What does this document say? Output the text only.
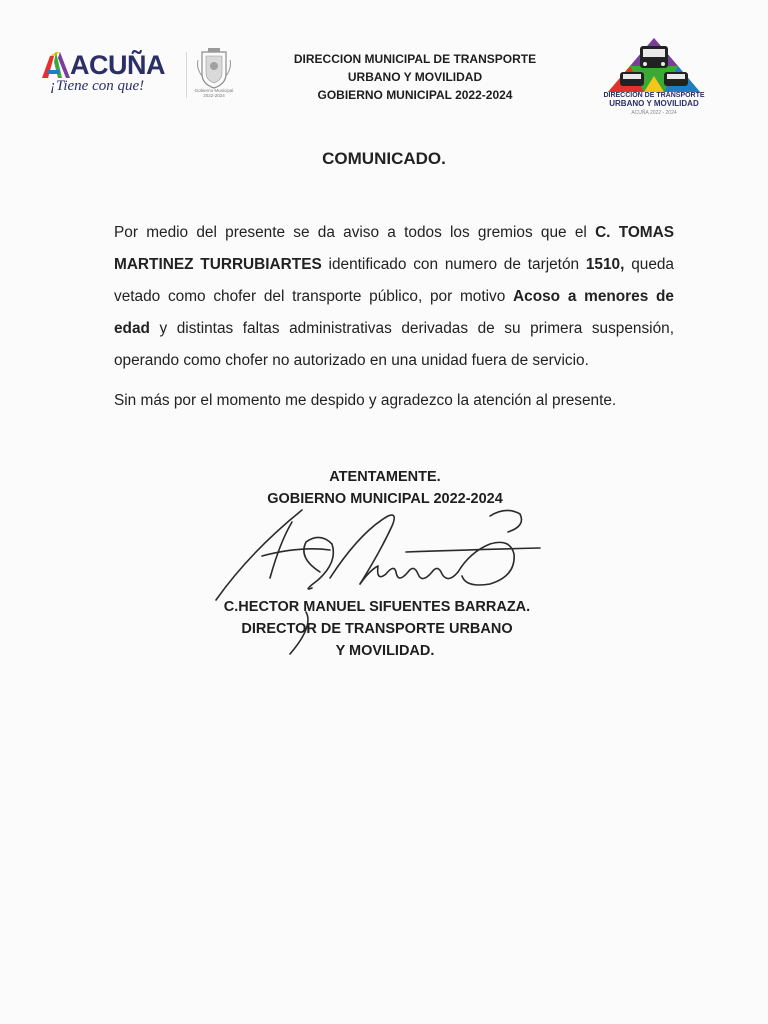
ACUÑA
¡Tiene con que!	Gobierno Municipal
2022-2024
DIRECCION MUNICIPAL DE TRANSPORTE
URBANO Y MOVILIDAD
GOBIERNO MUNICIPAL 2022-2024	DIRECCIÓN DE TRANSPORTE
URBANO Y MOVILIDAD
ACUÑA 2022 - 2024
COMUNICADO.

Por medio del presente se da aviso a todos los gremios que el C. TOMAS MARTINEZ TURRUBIARTES identificado con numero de tarjetón 1510, queda vetado como chofer del transporte público, por motivo Acoso a menores de edad y distintas faltas administrativas derivadas de su primera suspensión, operando como chofer no autorizado en una unidad fuera de servicio.

Sin más por el momento me despido y agradezco la atención al presente.

ATENTAMENTE.
GOBIERNO MUNICIPAL 2022-2024
C.HECTOR MANUEL SIFUENTES BARRAZA.
DIRECTOR DE TRANSPORTE URBANO
Y MOVILIDAD.
